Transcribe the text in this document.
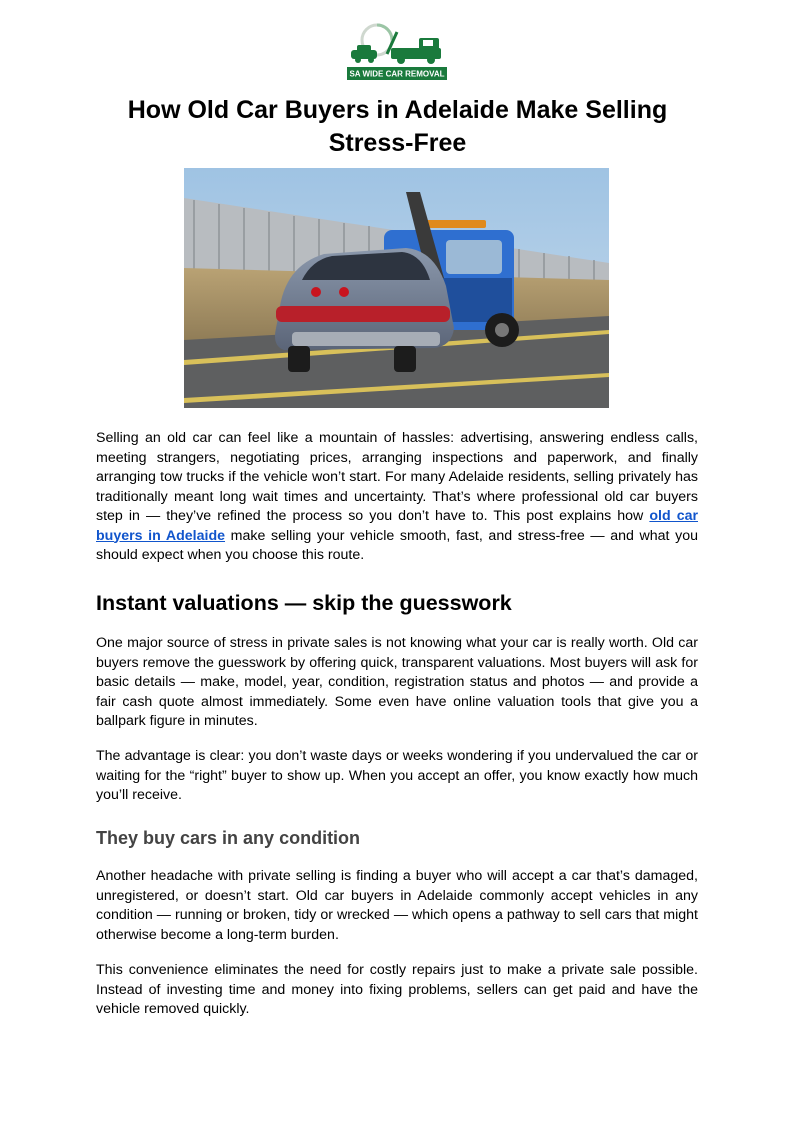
SA WIDE CAR REMOVAL
How Old Car Buyers in Adelaide Make Selling Stress-Free

Selling an old car can feel like a mountain of hassles: advertising, answering endless calls, meeting strangers, negotiating prices, arranging inspections and paperwork, and finally arranging tow trucks if the vehicle won’t start. For many Adelaide residents, selling privately has traditionally meant long wait times and uncertainty. That’s where professional old car buyers step in — they’ve refined the process so you don’t have to. This post explains how old car buyers in Adelaide make selling your vehicle smooth, fast, and stress-free — and what you should expect when you choose this route.

Instant valuations — skip the guesswork

One major source of stress in private sales is not knowing what your car is really worth. Old car buyers remove the guesswork by offering quick, transparent valuations. Most buyers will ask for basic details — make, model, year, condition, registration status and photos — and provide a fair cash quote almost immediately. Some even have online valuation tools that give you a ballpark figure in minutes.

The advantage is clear: you don’t waste days or weeks wondering if you undervalued the car or waiting for the “right” buyer to show up. When you accept an offer, you know exactly how much you’ll receive.

They buy cars in any condition

Another headache with private selling is finding a buyer who will accept a car that’s damaged, unregistered, or doesn’t start. Old car buyers in Adelaide commonly accept vehicles in any condition — running or broken, tidy or wrecked — which opens a pathway to sell cars that might otherwise become a long-term burden.

This convenience eliminates the need for costly repairs just to make a private sale possible. Instead of investing time and money into fixing problems, sellers can get paid and have the vehicle removed quickly.
